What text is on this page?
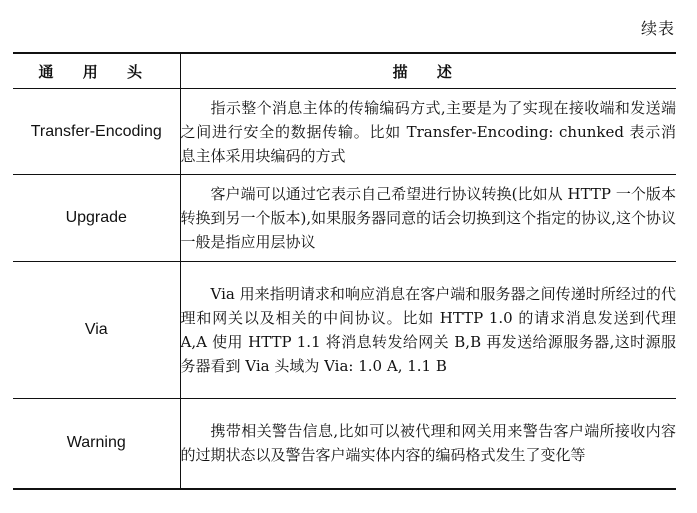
续表
通 用 头	描 述
Transfer-Encoding	指示整个消息主体的传输编码方式,主要是为了实现在接收端和发送端之间进行安全的数据传输。比如 Transfer-Encoding: chunked 表示消息主体采用块编码的方式

Upgrade	客户端可以通过它表示自己希望进行协议转换(比如从 HTTP 一个版本转换到另一个版本),如果服务器同意的话会切换到这个指定的协议,这个协议一般是指应用层协议

Via	Via 用来指明请求和响应消息在客户端和服务器之间传递时所经过的代理和网关以及相关的中间协议。比如 HTTP 1.0 的请求消息发送到代理 A,A 使用 HTTP 1.1 将消息转发给网关 B,B 再发送给源服务器,这时源服务器看到 Via 头域为 Via: 1.0 A, 1.1 B

Warning	携带相关警告信息,比如可以被代理和网关用来警告客户端所接收内容的过期状态以及警告客户端实体内容的编码格式发生了变化等
